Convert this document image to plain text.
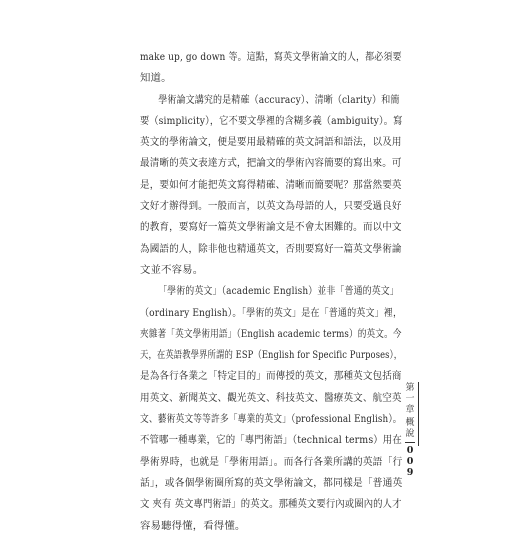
make up, go down 等。這點，寫英文學術論文的人，都必須要
知道。

學術論文講究的是精確（accuracy）、清晰（clarity）和簡
要（simplicity），它不要文學裡的含糊多義（ambiguity）。寫
英文的學術論文，便是要用最精確的英文詞語和語法，以及用
最清晰的英文表達方式，把論文的學術內容簡要的寫出來。可
是，要如何才能把英文寫得精確、清晰而簡要呢？那當然要英
文好才辦得到。一般而言，以英文為母語的人，只要受過良好
的教育，要寫好一篇英文學術論文是不會太困難的。而以中文
為國語的人，除非他也精通英文，否則要寫好一篇英文學術論
文並不容易。

「學術的英文」（academic English）並非「普通的英文」
（ordinary English）。「學術的英文」是在「普通的英文」裡，
夾雜著「英文學術用語」（English academic terms）的英文。今
天，在英語教學界所謂的 ESP（English for Specific Purposes），
是為各行各業之「特定目的」而傳授的英文，那種英文包括商
用英文、新聞英文、觀光英文、科技英文、醫療英文、航空英
文、藝術英文等等許多「專業的英文」（professional English）。
不管哪一種專業，它的「專門術語」（technical terms）用在
學術界時，也就是「學術用語」。而各行各業所講的英語「行
話」，或各個學術圈所寫的英文學術論文，都同樣是「普通英
文 夾有 英文專門術語」的英文。那種英文要行內或圈內的人才
容易聽得懂，看得懂。

第
一
章
概
說
0
0
9
